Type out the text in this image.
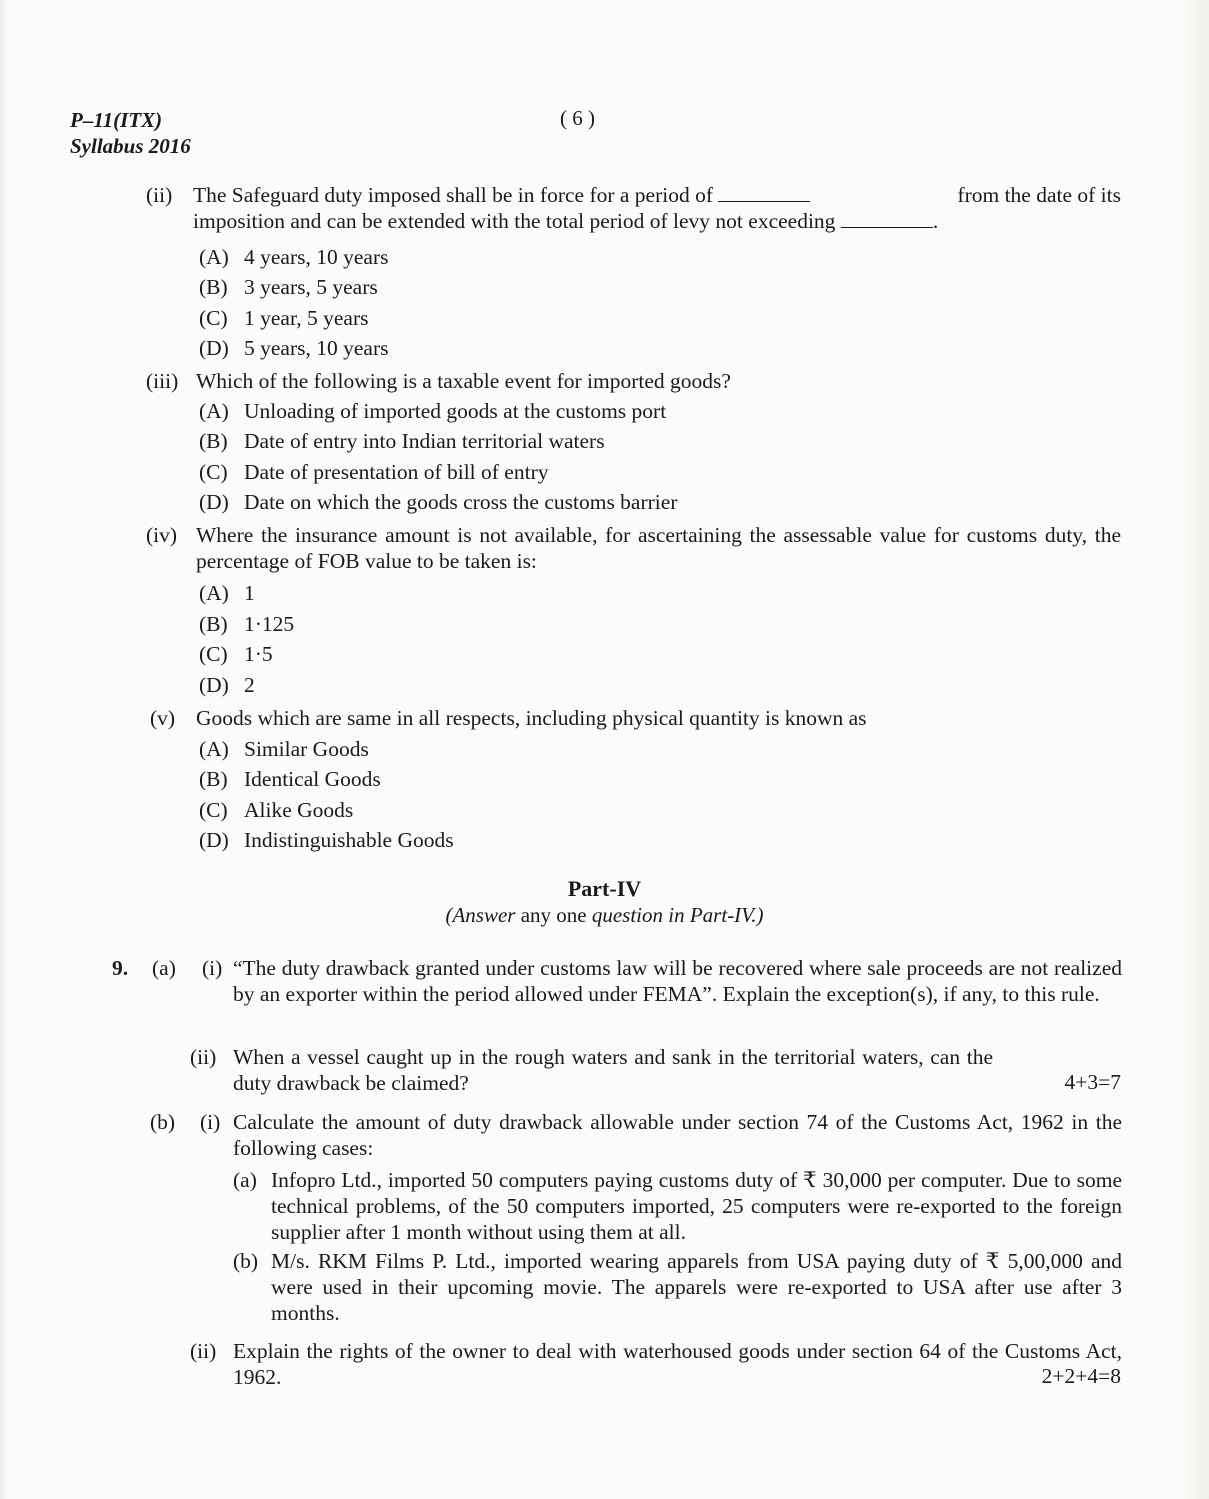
P–11(ITX)
Syllabus 2016
( 6 )
(ii) The Safeguard duty imposed shall be in force for a period of	from the date of its
imposition and can be extended with the total period of levy not exceeding	.
(A) 4 years, 10 years
(B) 3 years, 5 years
(C) 1 year, 5 years
(D) 5 years, 10 years
(iii) Which of the following is a taxable event for imported goods?
(A) Unloading of imported goods at the customs port
(B) Date of entry into Indian territorial waters
(C) Date of presentation of bill of entry
(D) Date on which the goods cross the customs barrier
(iv) Where the insurance amount is not available, for ascertaining the assessable value for customs duty, the percentage of FOB value to be taken is:
(A) 1
(B) 1·125
(C) 1·5
(D) 2
(v) Goods which are same in all respects, including physical quantity is known as
(A) Similar Goods
(B) Identical Goods
(C) Alike Goods
(D) Indistinguishable Goods
Part-IV
(Answer any one question in Part-IV.)
9. (a) (i) “The duty drawback granted under customs law will be recovered where sale proceeds are not realized by an exporter within the period allowed under FEMA”. Explain the exception(s), if any, to this rule.
(ii) When a vessel caught up in the rough waters and sank in the territorial waters, can the duty drawback be claimed?	4+3=7
(b) (i) Calculate the amount of duty drawback allowable under section 74 of the Customs Act, 1962 in the following cases:
(a) Infopro Ltd., imported 50 computers paying customs duty of ₹ 30,000 per computer. Due to some technical problems, of the 50 computers imported, 25 computers were re-exported to the foreign supplier after 1 month without using them at all.
(b) M/s. RKM Films P. Ltd., imported wearing apparels from USA paying duty of ₹ 5,00,000 and were used in their upcoming movie. The apparels were re-exported to USA after use after 3 months.
(ii) Explain the rights of the owner to deal with waterhoused goods under section 64 of the Customs Act, 1962.	2+2+4=8
